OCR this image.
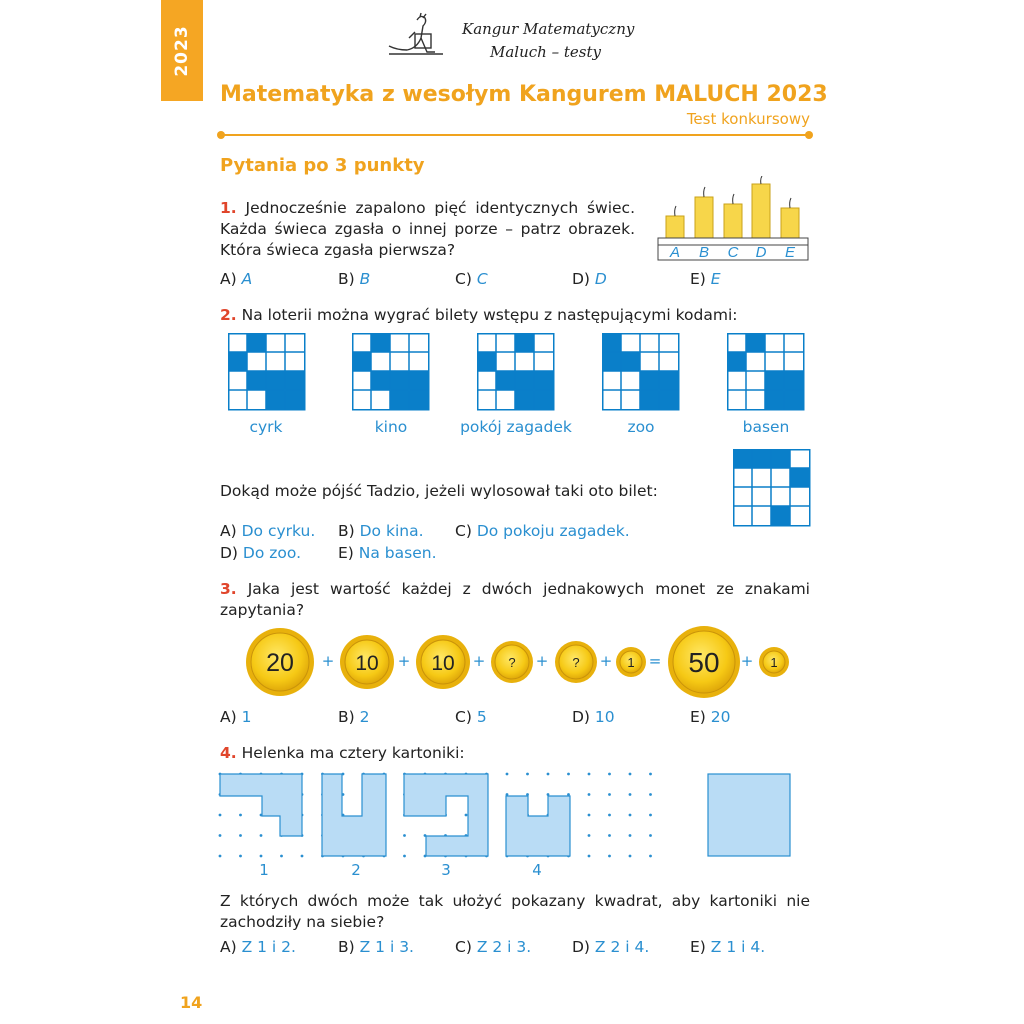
2023	Kangur Matematyczny
Maluch – testy
Matematyka z wesołym Kangurem MALUCH 2023
Test konkursowy
Pytania po 3 punkty
1. Jednocześnie zapalono pięć identycznych świec. Każda świeca zgasła o innej porze – patrz obrazek. Która świeca zgasła pierwsza?	A B C D E
A) A	B) B	C) C	D) D	E) E
2. Na loterii można wygrać bilety wstępu z następującymi kodami:
cyrk	kino	pokój zagadek	zoo	basen
Dokąd może pójść Tadzio, jeżeli wylosował taki oto bilet:
A) Do cyrku. B) Do kina. C) Do pokoju zagadek.
D) Do zoo. E) Na basen.
3. Jaka jest wartość każdej z dwóch jednakowych monet ze znakami zapytania?
20 + 10 + 10 + ? + ? + 1 = 50 + 1
A) 1	B) 2	C) 5	D) 10	E) 20
4. Helenka ma cztery kartoniki:
1	2	3	4
Z których dwóch może tak ułożyć pokazany kwadrat, aby kartoniki nie zachodziły na siebie?
A) Z 1 i 2.	B) Z 1 i 3.	C) Z 2 i 3.	D) Z 2 i 4.	E) Z 1 i 4.
14
